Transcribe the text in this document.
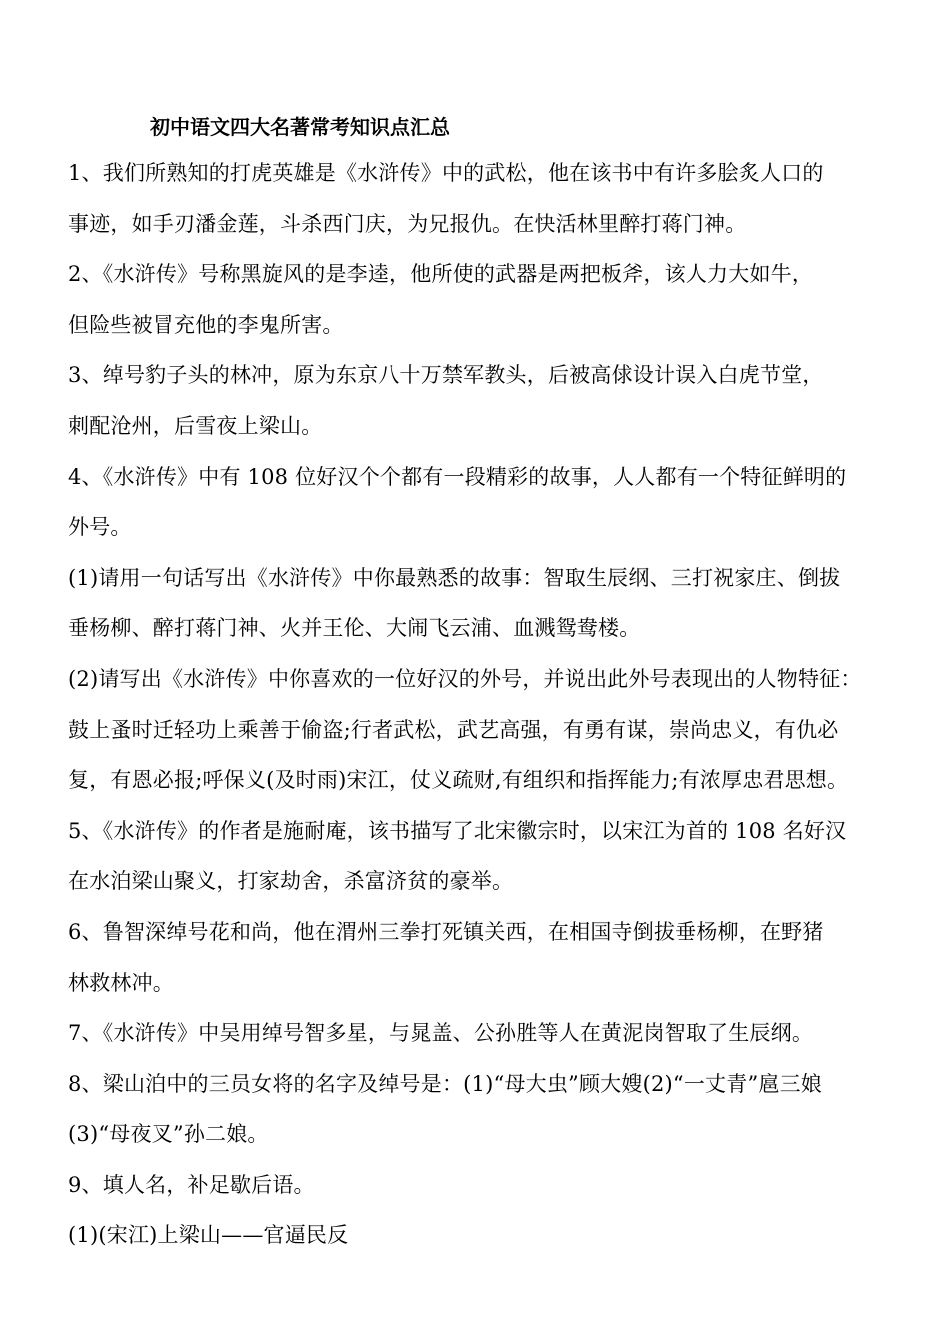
初中语文四大名著常考知识点汇总
1、我们所熟知的打虎英雄是《水浒传》中的武松，他在该书中有许多脍炙人口的
事迹，如手刃潘金莲，斗杀西门庆，为兄报仇。在快活林里醉打蒋门神。
2、《水浒传》号称黑旋风的是李逵，他所使的武器是两把板斧，该人力大如牛，
但险些被冒充他的李鬼所害。
3、绰号豹子头的林冲，原为东京八十万禁军教头，后被高俅设计误入白虎节堂，
刺配沧州，后雪夜上梁山。
4、《水浒传》中有 108 位好汉个个都有一段精彩的故事，人人都有一个特征鲜明的
外号。
(1)请用一句话写出《水浒传》中你最熟悉的故事：智取生辰纲、三打祝家庄、倒拔
垂杨柳、醉打蒋门神、火并王伦、大闹飞云浦、血溅鸳鸯楼。
(2)请写出《水浒传》中你喜欢的一位好汉的外号，并说出此外号表现出的人物特征：
鼓上蚤时迁轻功上乘善于偷盗;行者武松，武艺高强，有勇有谋，崇尚忠义，有仇必
复，有恩必报;呼保义(及时雨)宋江，仗义疏财,有组织和指挥能力;有浓厚忠君思想。
5、《水浒传》的作者是施耐庵，该书描写了北宋徽宗时，以宋江为首的 108 名好汉
在水泊梁山聚义，打家劫舍，杀富济贫的豪举。
6、鲁智深绰号花和尚，他在渭州三拳打死镇关西，在相国寺倒拔垂杨柳，在野猪
林救林冲。
7、《水浒传》中吴用绰号智多星，与晁盖、公孙胜等人在黄泥岗智取了生辰纲。
8、梁山泊中的三员女将的名字及绰号是：(1)“母大虫”顾大嫂(2)“一丈青”扈三娘
(3)“母夜叉”孙二娘。
9、填人名，补足歇后语。
(1)(宋江)上梁山——官逼民反
